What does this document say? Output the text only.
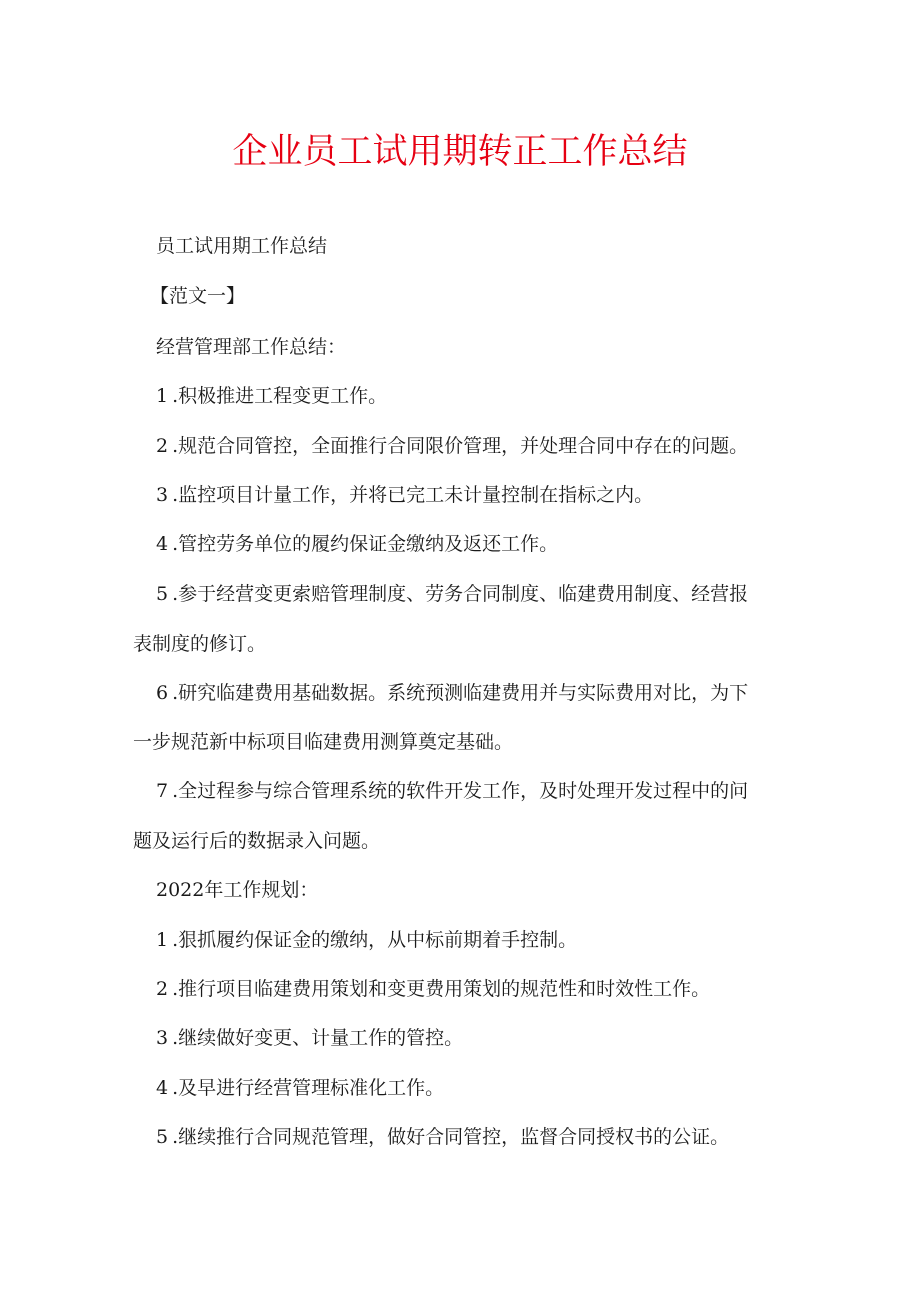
企业员工试用期转正工作总结
员工试用期工作总结
【范文一】
经营管理部工作总结：
1 .积极推进工程变更工作。
2 .规范合同管控，全面推行合同限价管理，并处理合同中存在的问题。
3 .监控项目计量工作，并将已完工未计量控制在指标之内。
4 .管控劳务单位的履约保证金缴纳及返还工作。
5 .参于经营变更索赔管理制度、劳务合同制度、临建费用制度、经营报
表制度的修订。
6 .研究临建费用基础数据。系统预测临建费用并与实际费用对比，为下
一步规范新中标项目临建费用测算奠定基础。
7 .全过程参与综合管理系统的软件开发工作，及时处理开发过程中的问
题及运行后的数据录入问题。
2022年工作规划：
1 .狠抓履约保证金的缴纳，从中标前期着手控制。
2 .推行项目临建费用策划和变更费用策划的规范性和时效性工作。
3 .继续做好变更、计量工作的管控。
4 .及早进行经营管理标准化工作。
5 .继续推行合同规范管理，做好合同管控，监督合同授权书的公证。
